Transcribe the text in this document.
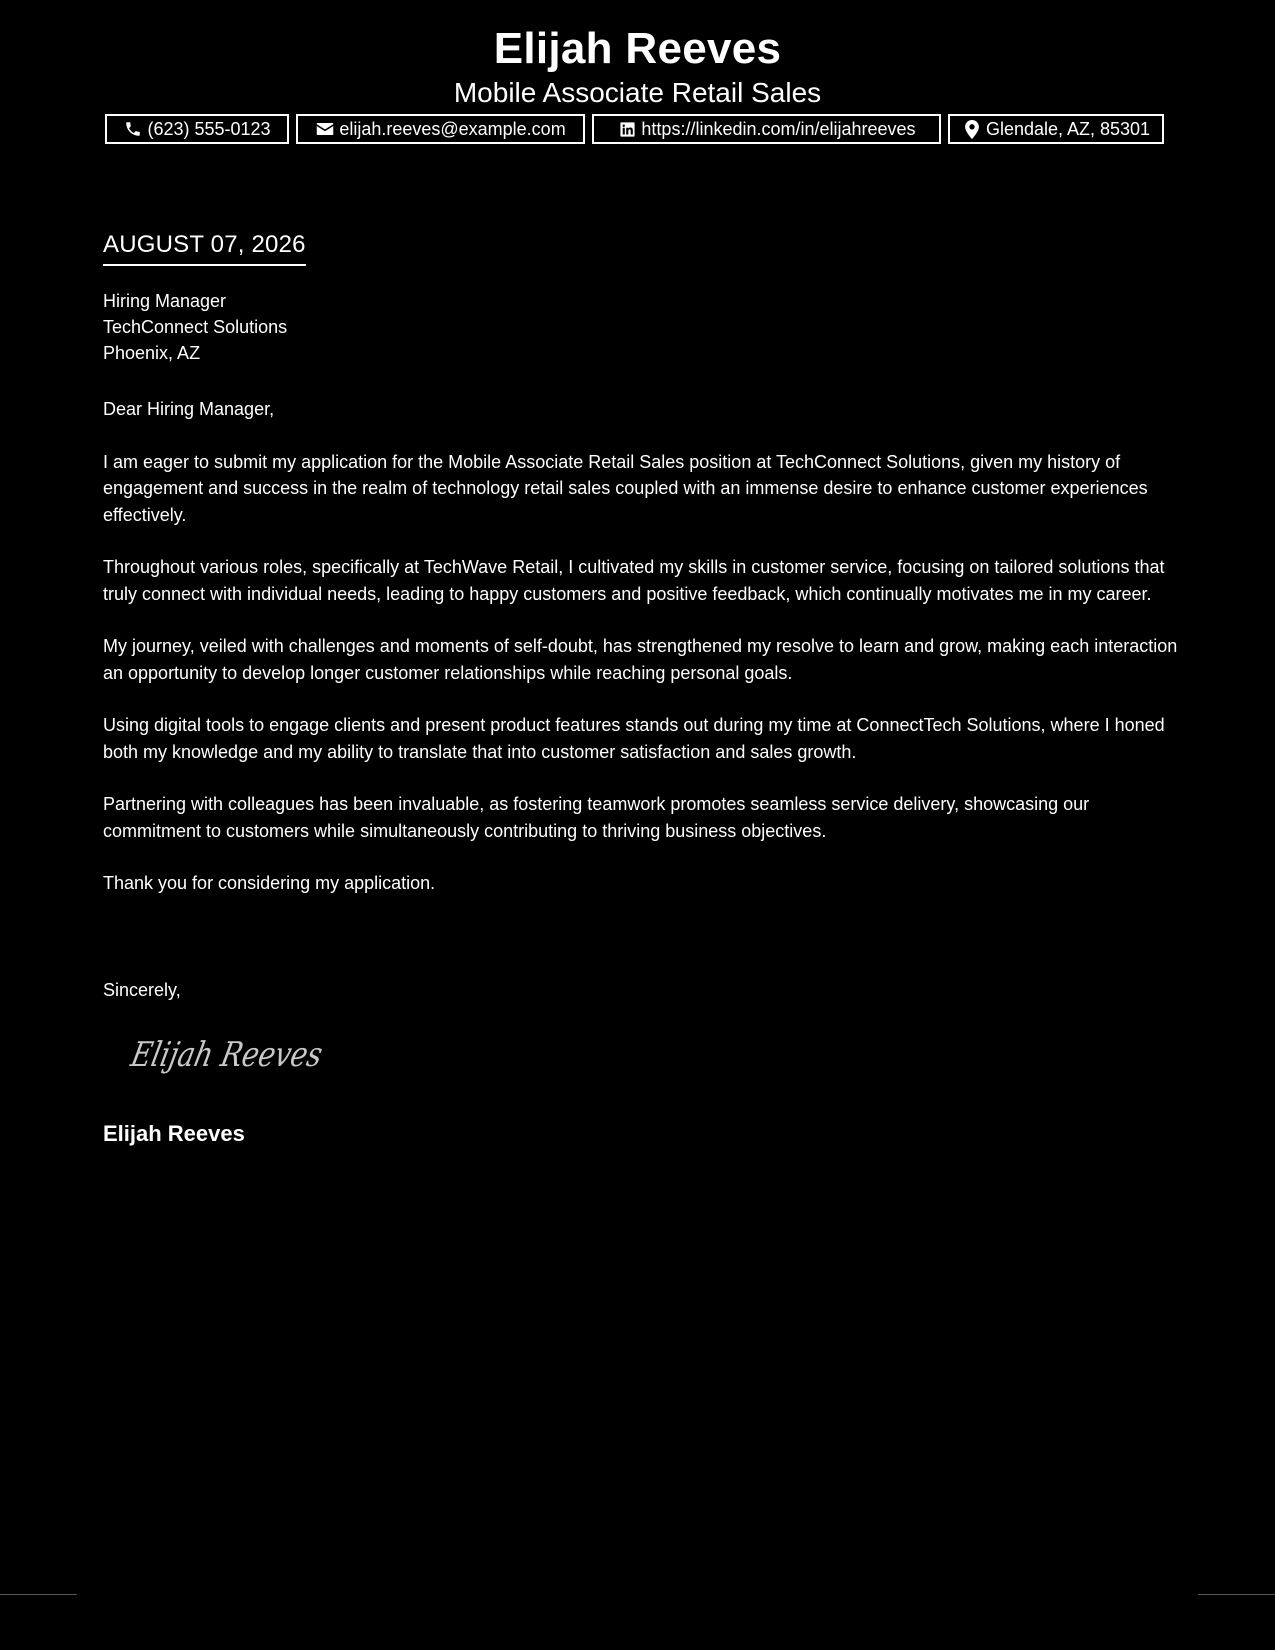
Elijah Reeves
Mobile Associate Retail Sales
(623) 555-0123	elijah.reeves@example.com	https://linkedin.com/in/elijahreeves	Glendale, AZ, 85301
AUGUST 07, 2026
Hiring Manager
TechConnect Solutions
Phoenix, AZ

Dear Hiring Manager,

I am eager to submit my application for the Mobile Associate Retail Sales position at TechConnect Solutions, given my history of engagement and success in the realm of technology retail sales coupled with an immense desire to enhance customer experiences effectively.

Throughout various roles, specifically at TechWave Retail, I cultivated my skills in customer service, focusing on tailored solutions that truly connect with individual needs, leading to happy customers and positive feedback, which continually motivates me in my career.

My journey, veiled with challenges and moments of self-doubt, has strengthened my resolve to learn and grow, making each interaction an opportunity to develop longer customer relationships while reaching personal goals.

Using digital tools to engage clients and present product features stands out during my time at ConnectTech Solutions, where I honed both my knowledge and my ability to translate that into customer satisfaction and sales growth.

Partnering with colleagues has been invaluable, as fostering teamwork promotes seamless service delivery, showcasing our commitment to customers while simultaneously contributing to thriving business objectives.

Thank you for considering my application.

Sincerely,
Elijah Reeves
Elijah Reeves
